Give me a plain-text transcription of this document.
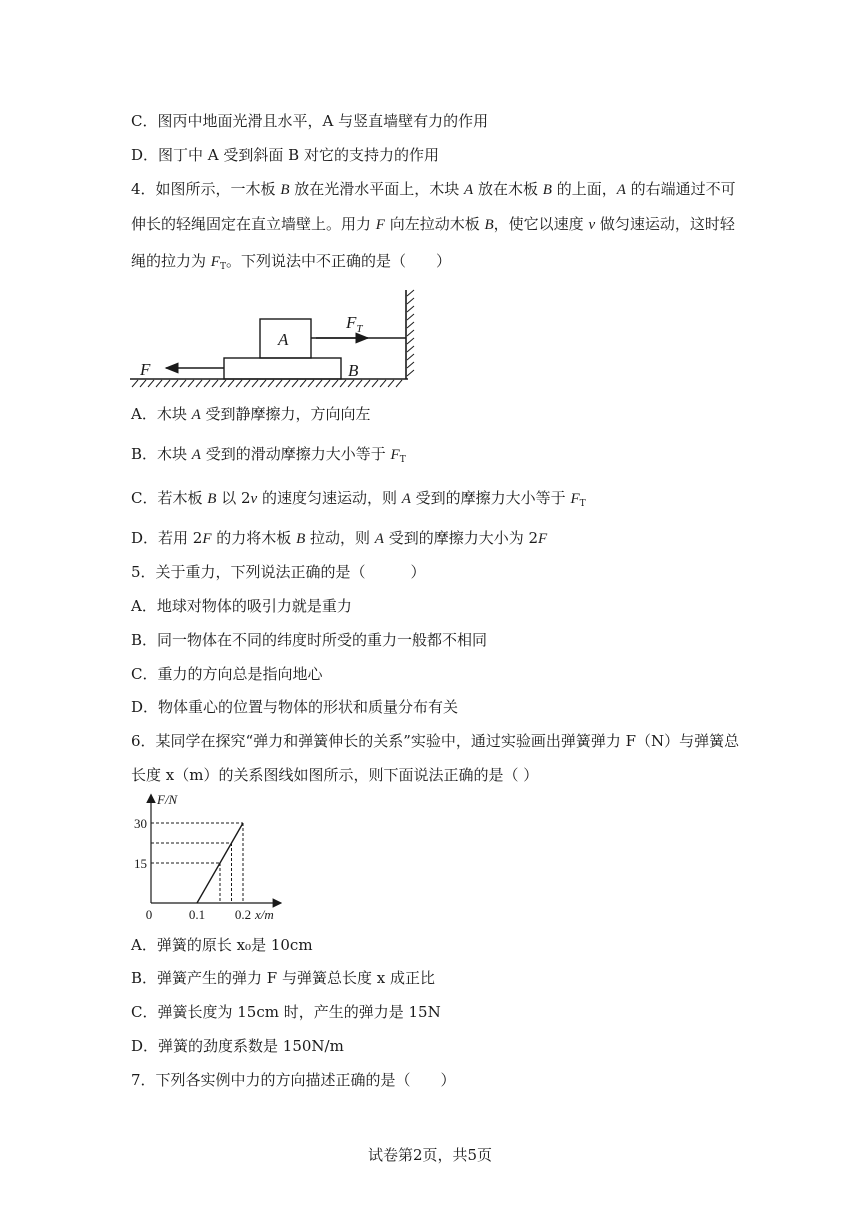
C．图丙中地面光滑且水平，A 与竖直墙壁有力的作用
D．图丁中 A 受到斜面 B 对它的支持力的作用
4．如图所示，一木板 B 放在光滑水平面上，木块 A 放在木板 B 的上面，A 的右端通过不可
伸长的轻绳固定在直立墙壁上。用力 F 向左拉动木板 B，使它以速度 v 做匀速运动，这时轻
绳的拉力为 $F_T$。下列说法中不正确的是（　　）
A
B
$F_T$
F
A．木块 A 受到静摩擦力，方向向左
B．木块 A 受到的滑动摩擦力大小等于 $F_T$
C．若木板 B 以 2v 的速度匀速运动，则 A 受到的摩擦力大小等于 $F_T$
D．若用 2F 的力将木板 B 拉动，则 A 受到的摩擦力大小为 2F
5．关于重力，下列说法正确的是（　　　）
A．地球对物体的吸引力就是重力
B．同一物体在不同的纬度时所受的重力一般都不相同
C．重力的方向总是指向地心
D．物体重心的位置与物体的形状和质量分布有关
6．某同学在探究“弹力和弹簧伸长的关系”实验中，通过实验画出弹簧弹力 F（N）与弹簧总
长度 x（m）的关系图线如图所示，则下面说法正确的是（ ）
F/N
x/m
15
30
0	0.1 0.2
A．弹簧的原长 x₀是 10cm
B．弹簧产生的弹力 F 与弹簧总长度 x 成正比
C．弹簧长度为 15cm 时，产生的弹力是 15N
D．弹簧的劲度系数是 150N/m
7．下列各实例中力的方向描述正确的是（　　）
试卷第2页，共5页
